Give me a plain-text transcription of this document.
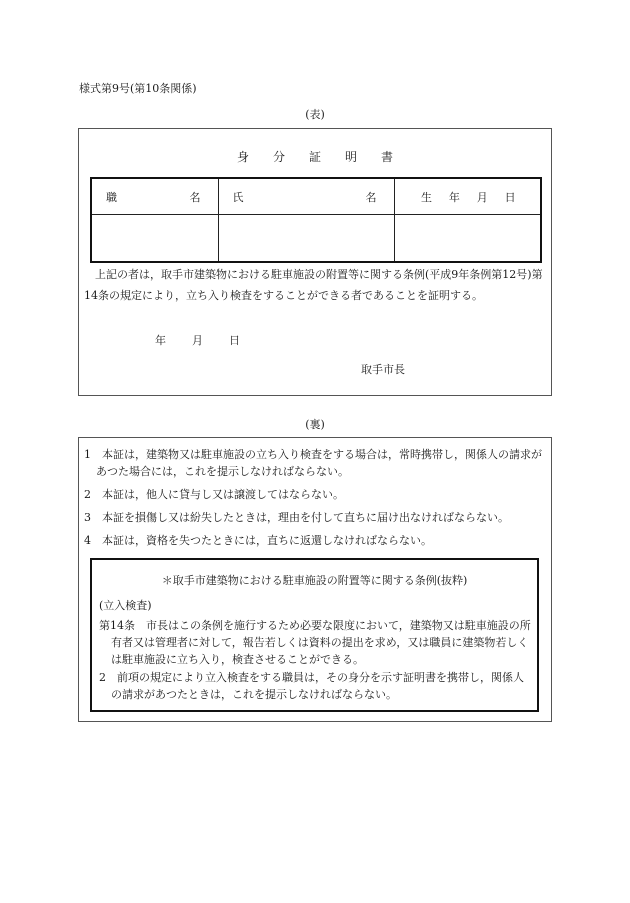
様式第9号(第10条関係)
(表)
身 分 証 明 書
職 名	氏 名	生 年 月 日

上記の者は，取手市建築物における駐車施設の附置等に関する条例(平成9年条例第12号)第14条の規定により，立ち入り検査をすることができる者であることを証明する。
年 月 日
取手市長
(裏)
1　本証は，建築物又は駐車施設の立ち入り検査をする場合は，常時携帯し，関係人の請求があつた場合には，これを提示しなければならない。
2　本証は，他人に貸与し又は譲渡してはならない。
3　本証を損傷し又は紛失したときは，理由を付して直ちに届け出なければならない。
4　本証は，資格を失つたときには，直ちに返還しなければならない。
＊取手市建築物における駐車施設の附置等に関する条例(抜粋)
(立入検査)
第14条　市長はこの条例を施行するため必要な限度において，建築物又は駐車施設の所有者又は管理者に対して，報告若しくは資料の提出を求め，又は職員に建築物若しくは駐車施設に立ち入り，検査させることができる。
2　前項の規定により立入検査をする職員は，その身分を示す証明書を携帯し，関係人の請求があつたときは，これを提示しなければならない。
